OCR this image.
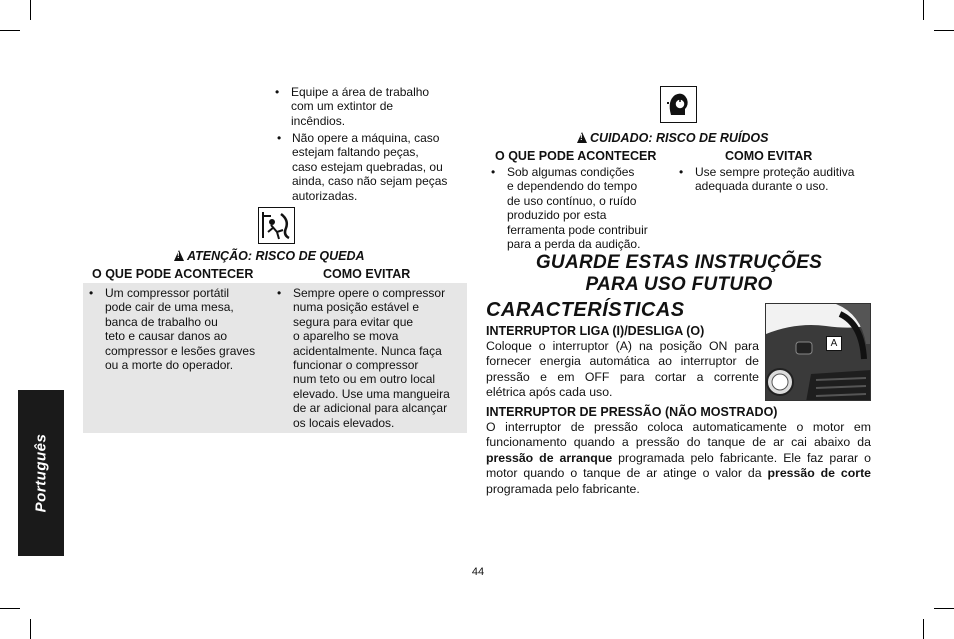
Português
• Equipe a área de trabalho
com um extintor de
incêndios.
• Não opere a máquina, caso
estejam faltando peças,
caso estejam quebradas, ou
ainda, caso não sejam peças
autorizadas.
!ATENÇÃO: RISCO DE QUEDA
O QUE PODE ACONTECER	COMO EVITAR
• Um compressor portátil
pode cair de uma mesa,
banca de trabalho ou
teto e causar danos ao
compressor e lesões graves
ou a morte do operador.
• Sempre opere o compressor
numa posição estável e
segura para evitar que
o aparelho se mova
acidentalmente. Nunca faça
funcionar o compressor
num teto ou em outro local
elevado. Use uma mangueira
de ar adicional para alcançar
os locais elevados.
!CUIDADO: RISCO DE RUÍDOS
O QUE PODE ACONTECER	COMO EVITAR
• Sob algumas condições
e dependendo do tempo
de uso contínuo, o ruído
produzido por esta
ferramenta pode contribuir
para a perda da audição.
• Use sempre proteção auditiva
adequada durante o uso.
GUARDE ESTAS INSTRUÇÕES
PARA USO FUTURO
CARACTERÍSTICAS
INTERRUPTOR LIGA (I)/DESLIGA (O)
Coloque o interruptor (A) na posição ON para
fornecer energia automática ao interruptor de
pressão e em OFF para cortar a corrente
elétrica após cada uso.
A
INTERRUPTOR DE PRESSÃO (NÃO MOSTRADO)
O interruptor de pressão coloca automaticamente o motor em
funcionamento quando a pressão do tanque de ar cai abaixo da
pressão de arranque programada pelo fabricante. Ele faz parar o
motor quando o tanque de ar atinge o valor da pressão de corte
programada pelo fabricante.
44
